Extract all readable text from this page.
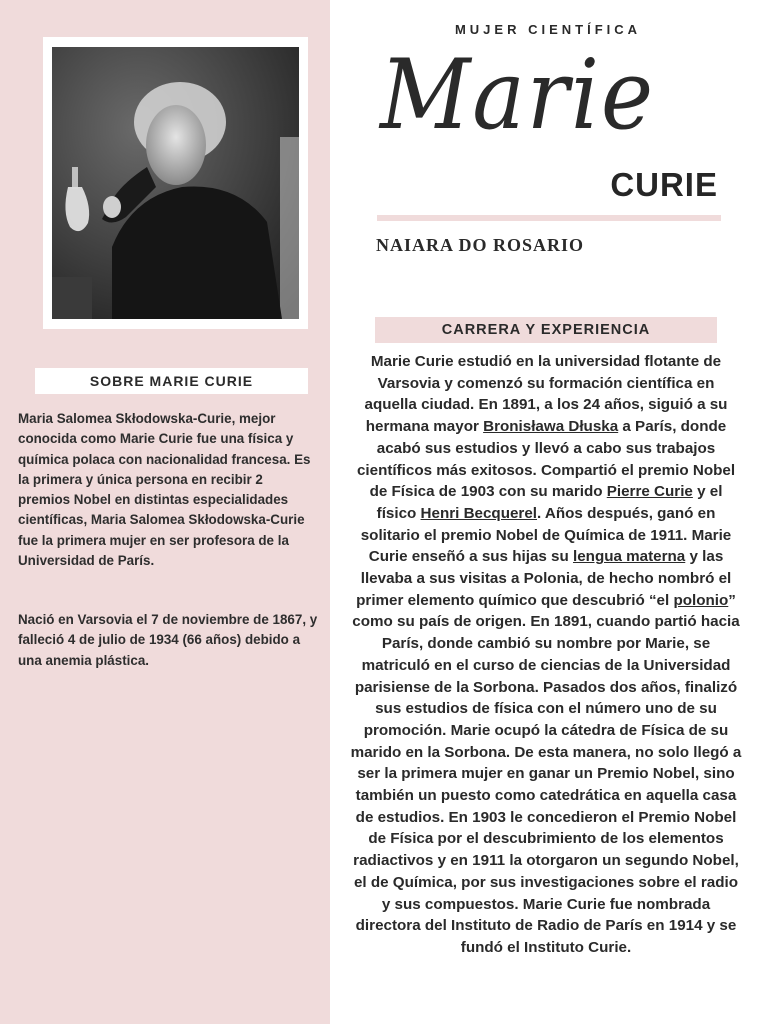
SOBRE MARIE CURIE

Maria Salomea Skłodowska-Curie, mejor conocida como Marie Curie fue una física y química polaca con nacionalidad francesa. Es la primera y única persona en recibir 2 premios Nobel en distintas especialidades científicas, Maria Salomea Skłodowska-Curie fue la primera mujer en ser profesora de la Universidad de París.

Nació en Varsovia el 7 de noviembre de 1867, y falleció 4 de julio de 1934 (66 años) debido a una anemia plástica.

MUJER CIENTÍFICA
Marie
CURIE
NAIARA DO ROSARIO
CARRERA Y EXPERIENCIA

Marie Curie estudió en la universidad flotante de Varsovia y comenzó su formación científica en aquella ciudad. En 1891, a los 24 años, siguió a su hermana mayor Bronisława Dłuska a París, donde acabó sus estudios y llevó a cabo sus trabajos científicos más exitosos. Compartió el premio Nobel de Física de 1903 con su marido Pierre Curie y el físico Henri Becquerel. Años después, ganó en solitario el premio Nobel de Química de 1911. Marie Curie enseñó a sus hijas su lengua materna y las llevaba a sus visitas a Polonia, de hecho nombró el primer elemento químico que descubrió “el polonio” como su país de origen. En 1891, cuando partió hacia París, donde cambió su nombre por Marie, se matriculó en el curso de ciencias de la Universidad parisiense de la Sorbona. Pasados dos años, finalizó sus estudios de física con el número uno de su promoción. Marie ocupó la cátedra de Física de su marido en la Sorbona. De esta manera, no solo llegó a ser la primera mujer en ganar un Premio Nobel, sino también un puesto como catedrática en aquella casa de estudios. En 1903 le concedieron el Premio Nobel de Física por el descubrimiento de los elementos radiactivos y en 1911 la otorgaron un segundo Nobel, el de Química, por sus investigaciones sobre el radio y sus compuestos. Marie Curie fue nombrada directora del Instituto de Radio de París en 1914 y se fundó el Instituto Curie.
